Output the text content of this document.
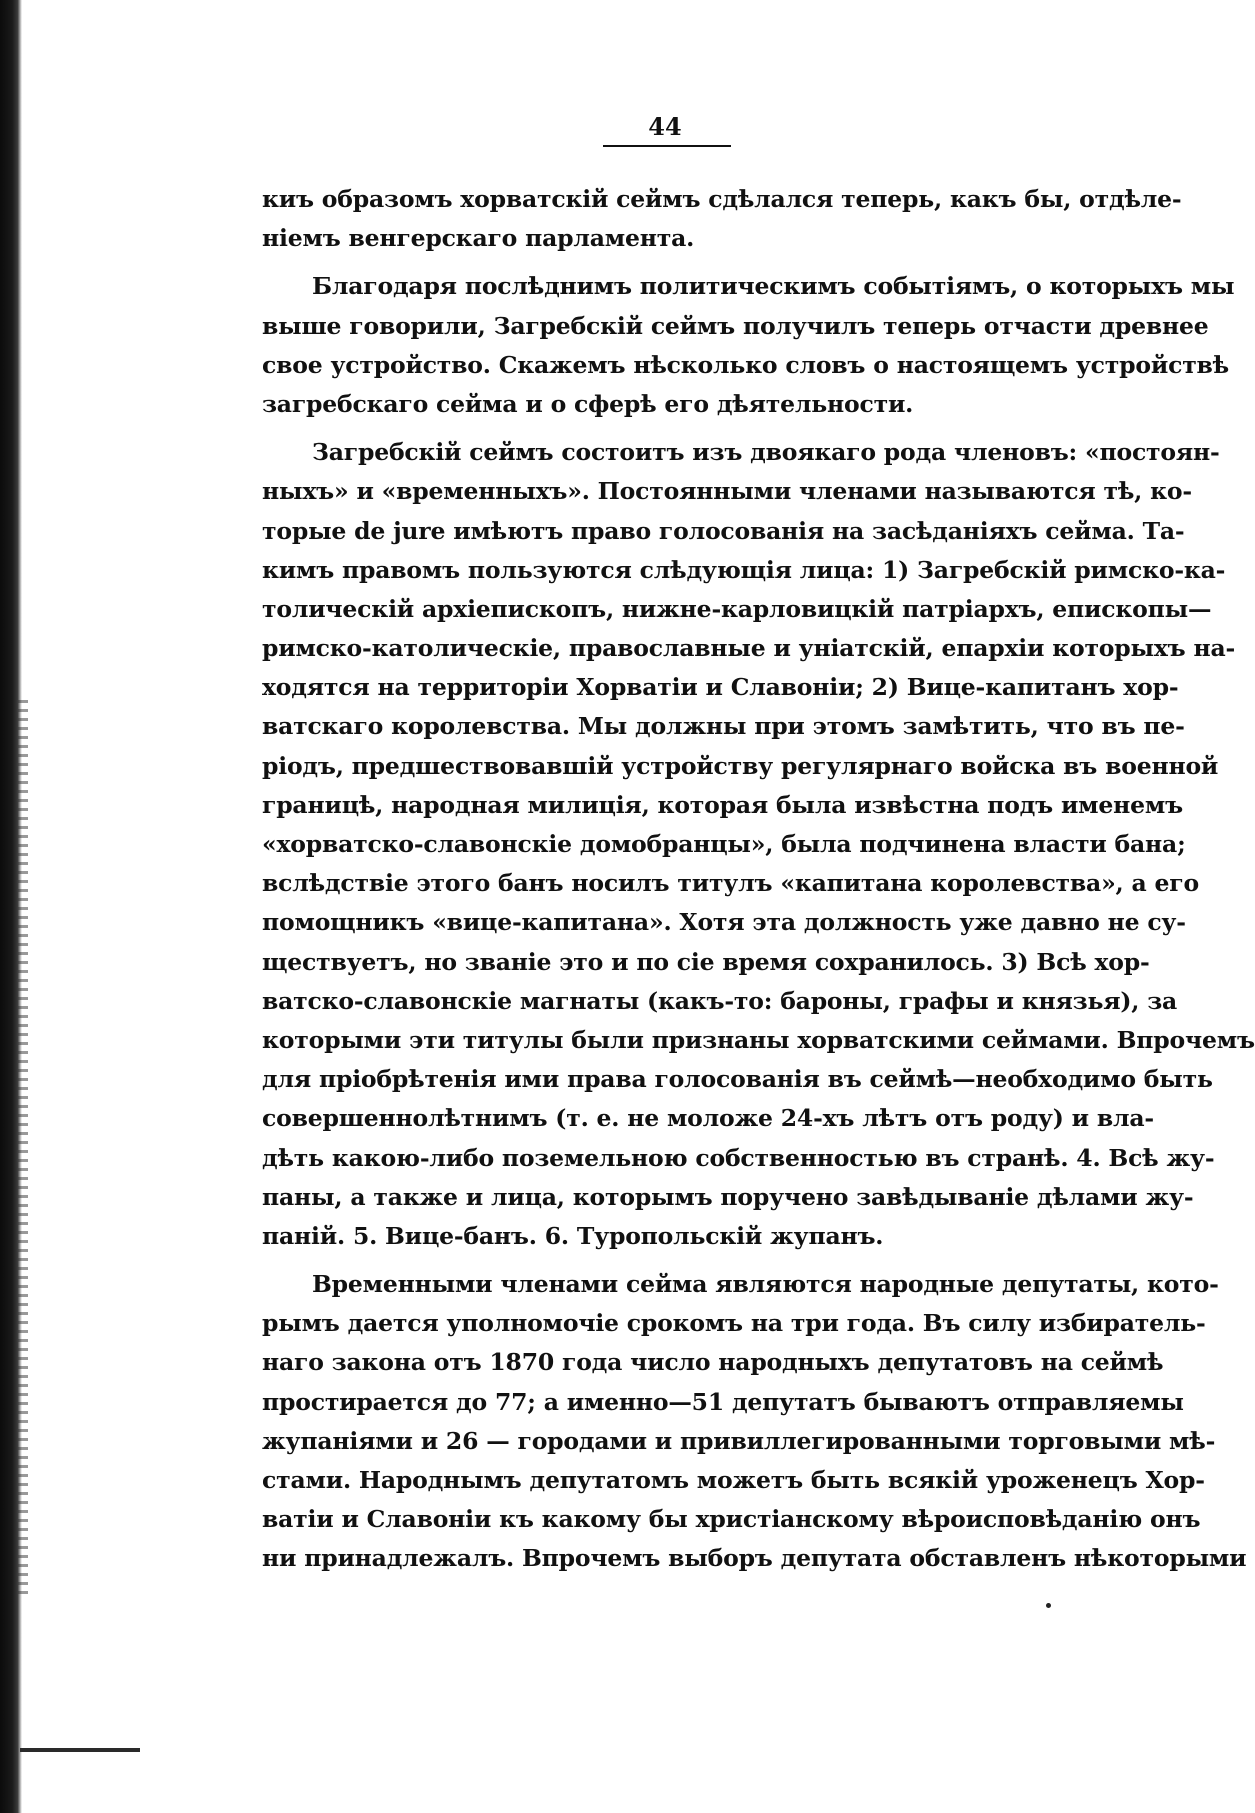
44
киъ образомъ хорватскій сеймъ сдѣлался теперь, какъ бы, отдѣле-
ніемъ венгерскаго парламента.
Благодаря послѣднимъ политическимъ событіямъ, о которыхъ мы
выше говорили, Загребскій сеймъ получилъ теперь отчасти древнее
свое устройство. Скажемъ нѣсколько словъ о настоящемъ устройствѣ
загребскаго сейма и о сферѣ его дѣятельности.
Загребскій сеймъ состоитъ изъ двоякаго рода членовъ: «постоян-
ныхъ» и «временныхъ». Постоянными членами называются тѣ, ко-
торые de jure имѣютъ право голосованія на засѣданіяхъ сейма. Та-
кимъ правомъ пользуются слѣдующія лица: 1) Загребскій римско-ка-
толическій архіепископъ, нижне-карловицкій патріархъ, епископы—
римско-католическіе, православные и уніатскій, епархіи которыхъ на-
ходятся на территоріи Хорватіи и Славоніи; 2) Вице-капитанъ хор-
ватскаго королевства. Мы должны при этомъ замѣтить, что въ пе-
ріодъ, предшествовавшій устройству регулярнаго войска въ военной
границѣ, народная милиція, которая была извѣстна подъ именемъ
«хорватско-славонскіе домобранцы», была подчинена власти бана;
вслѣдствіе этого банъ носилъ титулъ «капитана королевства», а его
помощникъ «вице-капитана». Хотя эта должность уже давно не су-
ществуетъ, но званіе это и по сіе время сохранилось. 3) Всѣ хор-
ватско-славонскіе магнаты (какъ-то: бароны, графы и князья), за
которыми эти титулы были признаны хорватскими сеймами. Впрочемъ
для пріобрѣтенія ими права голосованія въ сеймѣ—необходимо быть
совершеннолѣтнимъ (т. е. не моложе 24-хъ лѣтъ отъ роду) и вла-
дѣть какою-либо поземельною собственностью въ странѣ. 4. Всѣ жу-
паны, а также и лица, которымъ поручено завѣдываніе дѣлами жу-
паній. 5. Вице-банъ. 6. Туропольскій жупанъ.
Временными членами сейма являются народные депутаты, кото-
рымъ дается уполномочіе срокомъ на три года. Въ силу избиратель-
наго закона отъ 1870 года число народныхъ депутатовъ на сеймѣ
простирается до 77; а именно—51 депутатъ бываютъ отправляемы
жупаніями и 26 — городами и привиллегированными торговыми мѣ-
стами. Народнымъ депутатомъ можетъ быть всякій уроженецъ Хор-
ватіи и Славоніи къ какому бы христіанскому вѣроисповѣданію онъ
ни принадлежалъ. Впрочемъ выборъ депутата обставленъ нѣкоторыми
